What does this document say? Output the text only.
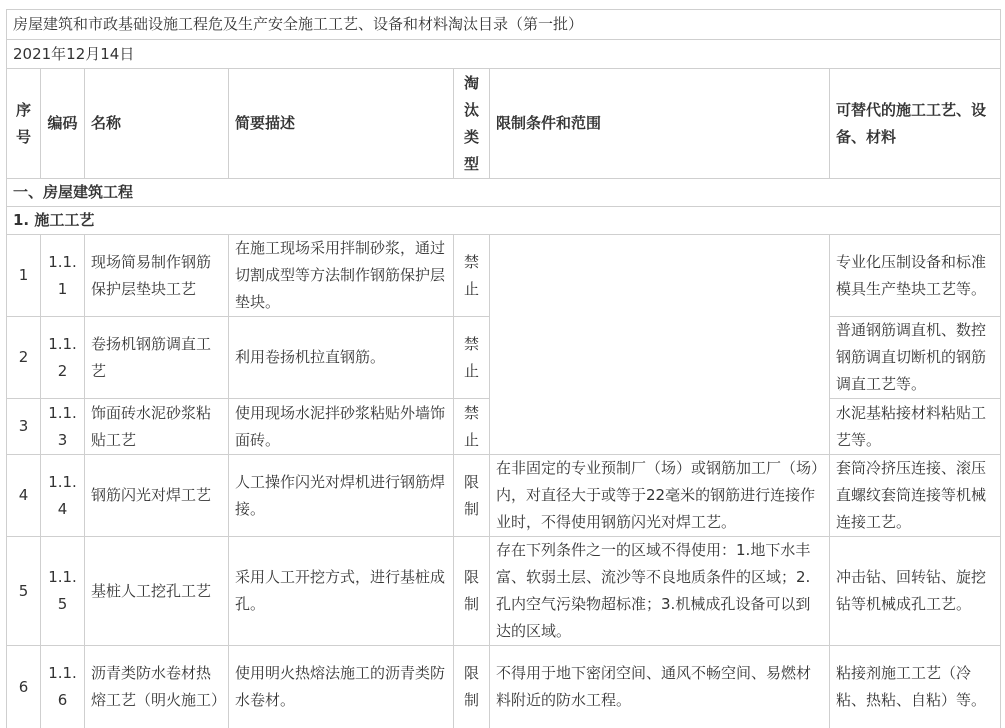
房屋建筑和市政基础设施工程危及生产安全施工工艺、设备和材料淘汰目录（第一批）						
2021年12月14日						
序号	编码	名称	简要描述	淘汰类型	限制条件和范围	可替代的施工工艺、设备、材料
一、房屋建筑工程						
1. 施工工艺						
1	1.1.1	现场简易制作钢筋保护层垫块工艺	在施工现场采用拌制砂浆，通过切割成型等方法制作钢筋保护层垫块。	禁止		专业化压制设备和标准模具生产垫块工艺等。
2	1.1.2	卷扬机钢筋调直工艺	利用卷扬机拉直钢筋。	禁止		普通钢筋调直机、数控钢筋调直切断机的钢筋调直工艺等。
3	1.1.3	饰面砖水泥砂浆粘贴工艺	使用现场水泥拌砂浆粘贴外墙饰面砖。	禁止		水泥基粘接材料粘贴工艺等。
4	1.1.4	钢筋闪光对焊工艺	人工操作闪光对焊机进行钢筋焊接。	限制	在非固定的专业预制厂（场）或钢筋加工厂（场）内，对直径大于或等于22毫米的钢筋进行连接作业时，不得使用钢筋闪光对焊工艺。	套筒冷挤压连接、滚压直螺纹套筒连接等机械连接工艺。
5	1.1.5	基桩人工挖孔工艺	采用人工开挖方式，进行基桩成孔。	限制	存在下列条件之一的区域不得使用：1.地下水丰富、软弱土层、流沙等不良地质条件的区域；2.孔内空气污染物超标准；3.机械成孔设备可以到达的区域。	冲击钻、回转钻、旋挖钻等机械成孔工艺。
6	1.1.6	沥青类防水卷材热熔工艺（明火施工）	使用明火热熔法施工的沥青类防水卷材。	限制	不得用于地下密闭空间、通风不畅空间、易燃材料附近的防水工程。	粘接剂施工工艺（冷粘、热粘、自粘）等。
